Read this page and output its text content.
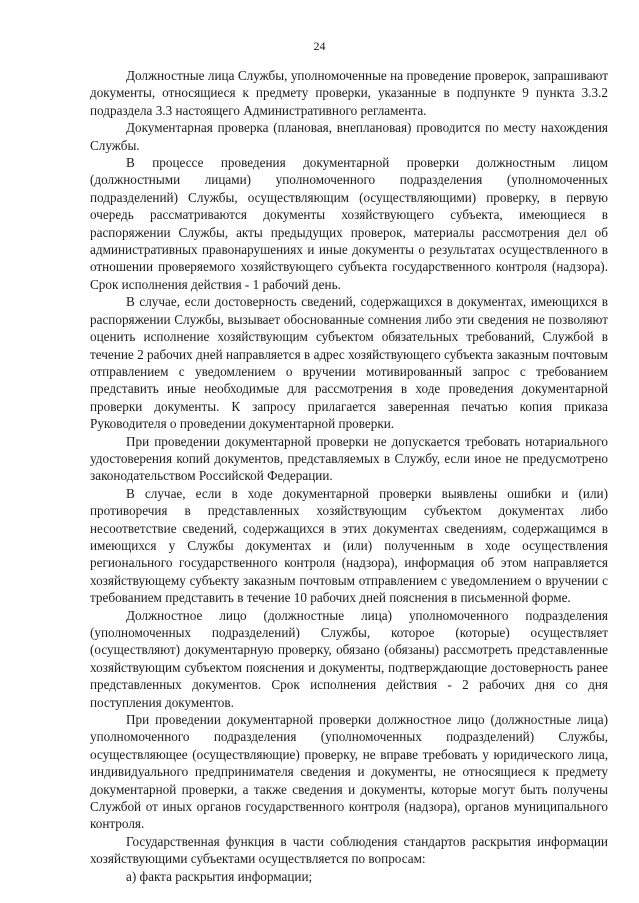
24

Должностные лица Службы, уполномоченные на проведение проверок, запрашивают документы, относящиеся к предмету проверки, указанные в подпункте 9 пункта 3.3.2 подраздела 3.3 настоящего Административного регламента.

Документарная проверка (плановая, внеплановая) проводится по месту нахождения Службы.

В процессе проведения документарной проверки должностным лицом (должностными лицами) уполномоченного подразделения (уполномоченных подразделений) Службы, осуществляющим (осуществляющими) проверку, в первую очередь рассматриваются документы хозяйствующего субъекта, имеющиеся в распоряжении Службы, акты предыдущих проверок, материалы рассмотрения дел об административных правонарушениях и иные документы о результатах осуществленного в отношении проверяемого хозяйствующего субъекта государственного контроля (надзора). Срок исполнения действия - 1 рабочий день.

В случае, если достоверность сведений, содержащихся в документах, имеющихся в распоряжении Службы, вызывает обоснованные сомнения либо эти сведения не позволяют оценить исполнение хозяйствующим субъектом обязательных требований, Службой в течение 2 рабочих дней направляется в адрес хозяйствующего субъекта заказным почтовым отправлением с уведомлением о вручении мотивированный запрос с требованием представить иные необходимые для рассмотрения в ходе проведения документарной проверки документы. К запросу прилагается заверенная печатью копия приказа Руководителя о проведении документарной проверки.

При проведении документарной проверки не допускается требовать нотариального удостоверения копий документов, представляемых в Службу, если иное не предусмотрено законодательством Российской Федерации.

В случае, если в ходе документарной проверки выявлены ошибки и (или) противоречия в представленных хозяйствующим субъектом документах либо несоответствие сведений, содержащихся в этих документах сведениям, содержащимся в имеющихся у Службы документах и (или) полученным в ходе осуществления регионального государственного контроля (надзора), информация об этом направляется хозяйствующему субъекту заказным почтовым отправлением с уведомлением о вручении с требованием представить в течение 10 рабочих дней пояснения в письменной форме.

Должностное лицо (должностные лица) уполномоченного подразделения (уполномоченных подразделений) Службы, которое (которые) осуществляет (осуществляют) документарную проверку, обязано (обязаны) рассмотреть представленные хозяйствующим субъектом пояснения и документы, подтверждающие достоверность ранее представленных документов. Срок исполнения действия - 2 рабочих дня со дня поступления документов.

При проведении документарной проверки должностное лицо (должностные лица) уполномоченного подразделения (уполномоченных подразделений) Службы, осуществляющее (осуществляющие) проверку, не вправе требовать у юридического лица, индивидуального предпринимателя сведения и документы, не относящиеся к предмету документарной проверки, а также сведения и документы, которые могут быть получены Службой от иных органов государственного контроля (надзора), органов муниципального контроля.

Государственная функция в части соблюдения стандартов раскрытия информации хозяйствующими субъектами осуществляется по вопросам:

а) факта раскрытия информации;
